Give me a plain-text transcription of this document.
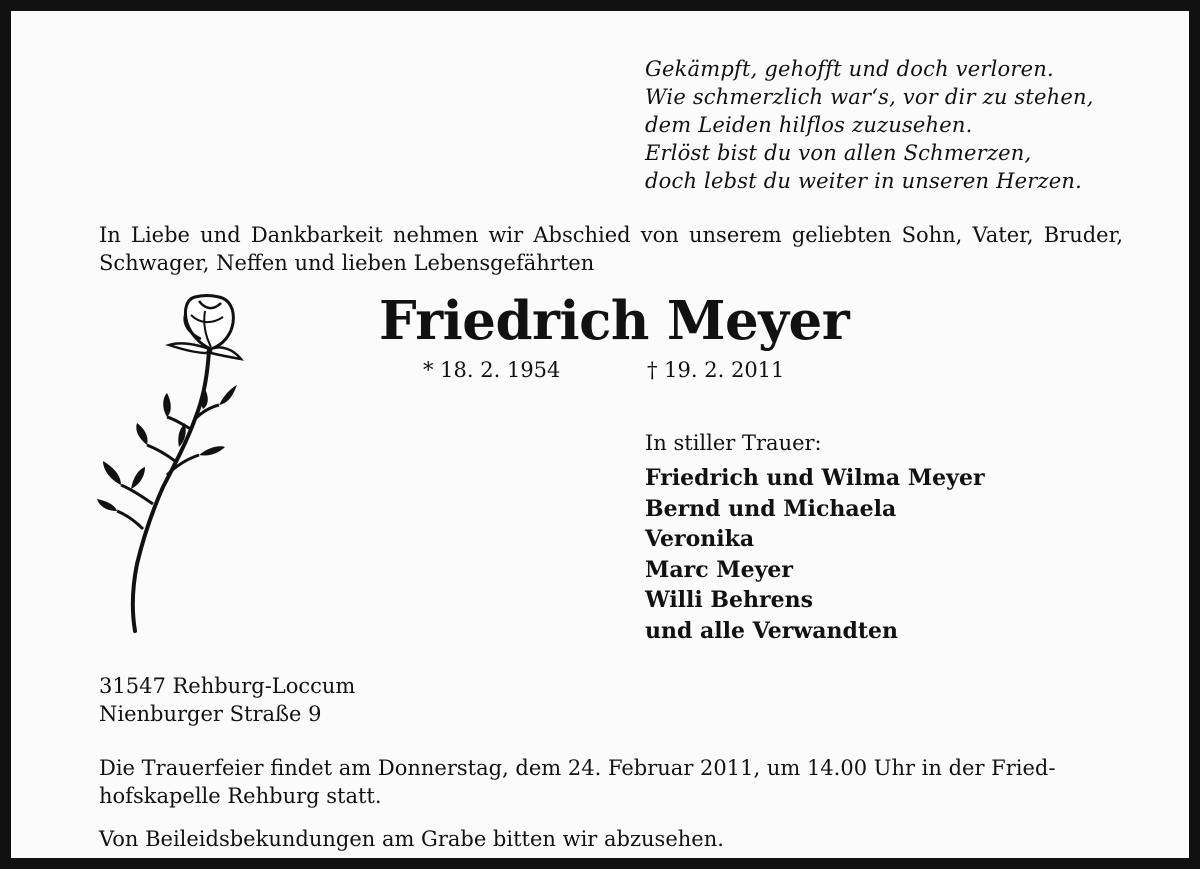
Gekämpft, gehofft und doch verloren.
Wie schmerzlich war‘s, vor dir zu stehen,
dem Leiden hilflos zuzusehen.
Erlöst bist du von allen Schmerzen,
doch lebst du weiter in unseren Herzen.
In Liebe und Dankbarkeit nehmen wir Abschied von unserem geliebten Sohn, Vater, Bruder, Schwager, Neffen und lieben Lebensgefährten
Friedrich Meyer
* 18. 2. 1954	† 19. 2. 2011
In stiller Trauer:
Friedrich und Wilma Meyer
Bernd und Michaela
Veronika
Marc Meyer
Willi Behrens
und alle Verwandten
31547 Rehburg-Loccum
Nienburger Straße 9
Die Trauerfeier findet am Donnerstag, dem 24. Februar 2011, um 14.00 Uhr in der Fried-
hofskapelle Rehburg statt.
Von Beileidsbekundungen am Grabe bitten wir abzusehen.
